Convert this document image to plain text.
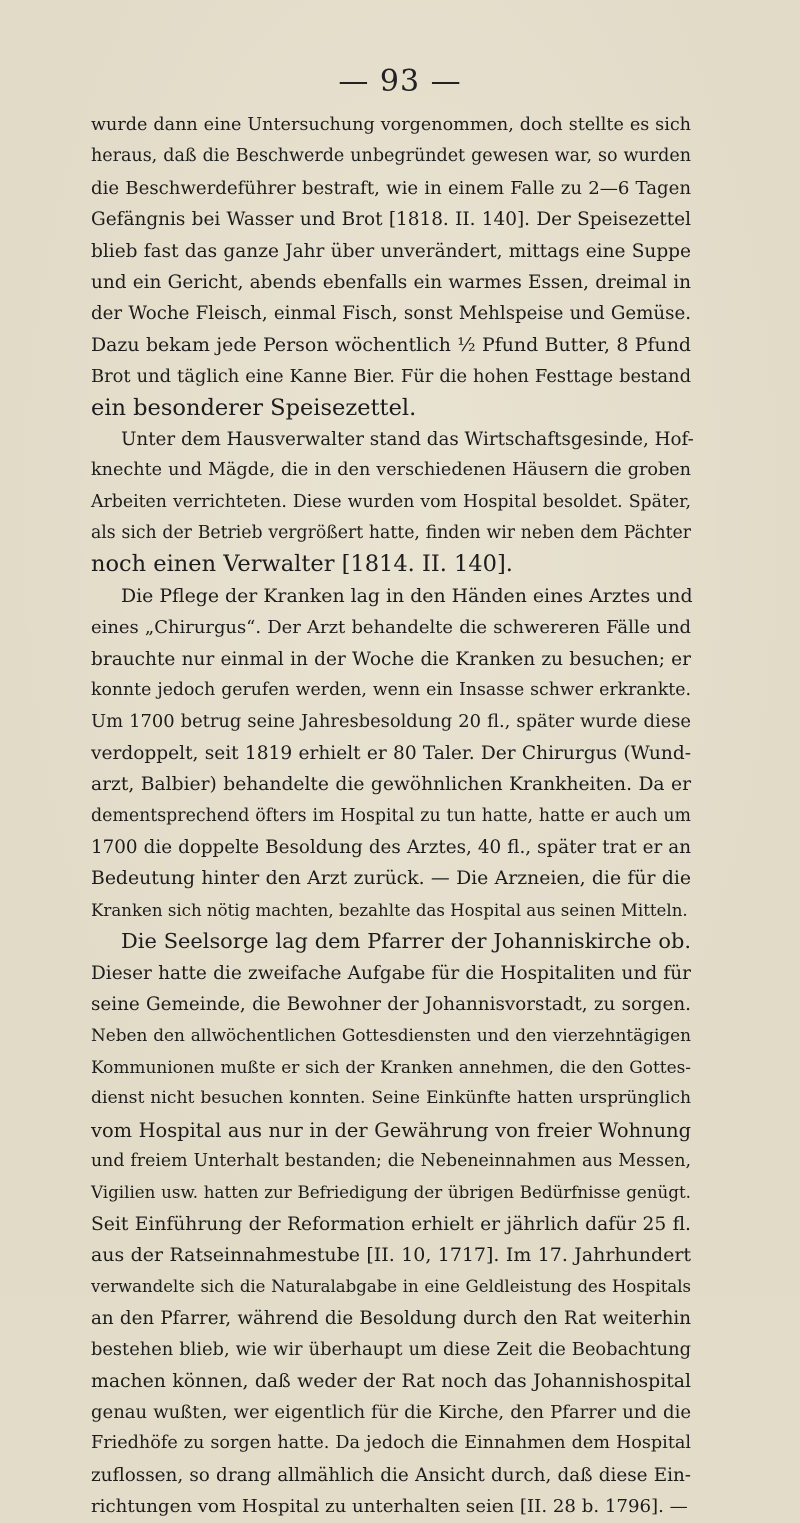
— 93 —
wurde dann eine Untersuchung vorgenommen, doch stellte es sich
heraus, daß die Beschwerde unbegründet gewesen war, so wurden
die Beschwerdeführer bestraft, wie in einem Falle zu 2—6 Tagen
Gefängnis bei Wasser und Brot [1818. II. 140]. Der Speisezettel
blieb fast das ganze Jahr über unverändert, mittags eine Suppe
und ein Gericht, abends ebenfalls ein warmes Essen, dreimal in
der Woche Fleisch, einmal Fisch, sonst Mehlspeise und Gemüse.
Dazu bekam jede Person wöchentlich ½ Pfund Butter, 8 Pfund
Brot und täglich eine Kanne Bier. Für die hohen Festtage bestand
ein besonderer Speisezettel.
Unter dem Hausverwalter stand das Wirtschaftsgesinde, Hof-
knechte und Mägde, die in den verschiedenen Häusern die groben
Arbeiten verrichteten. Diese wurden vom Hospital besoldet. Später,
als sich der Betrieb vergrößert hatte, finden wir neben dem Pächter
noch einen Verwalter [1814. II. 140].
Die Pflege der Kranken lag in den Händen eines Arztes und
eines „Chirurgus“. Der Arzt behandelte die schwereren Fälle und
brauchte nur einmal in der Woche die Kranken zu besuchen; er
konnte jedoch gerufen werden, wenn ein Insasse schwer erkrankte.
Um 1700 betrug seine Jahresbesoldung 20 fl., später wurde diese
verdoppelt, seit 1819 erhielt er 80 Taler. Der Chirurgus (Wund-
arzt, Balbier) behandelte die gewöhnlichen Krankheiten. Da er
dementsprechend öfters im Hospital zu tun hatte, hatte er auch um
1700 die doppelte Besoldung des Arztes, 40 fl., später trat er an
Bedeutung hinter den Arzt zurück. — Die Arzneien, die für die
Kranken sich nötig machten, bezahlte das Hospital aus seinen Mitteln.
Die Seelsorge lag dem Pfarrer der Johanniskirche ob.
Dieser hatte die zweifache Aufgabe für die Hospitaliten und für
seine Gemeinde, die Bewohner der Johannisvorstadt, zu sorgen.
Neben den allwöchentlichen Gottesdiensten und den vierzehntägigen
Kommunionen mußte er sich der Kranken annehmen, die den Gottes-
dienst nicht besuchen konnten. Seine Einkünfte hatten ursprünglich
vom Hospital aus nur in der Gewährung von freier Wohnung
und freiem Unterhalt bestanden; die Nebeneinnahmen aus Messen,
Vigilien usw. hatten zur Befriedigung der übrigen Bedürfnisse genügt.
Seit Einführung der Reformation erhielt er jährlich dafür 25 fl.
aus der Ratseinnahmestube [II. 10, 1717]. Im 17. Jahrhundert
verwandelte sich die Naturalabgabe in eine Geldleistung des Hospitals
an den Pfarrer, während die Besoldung durch den Rat weiterhin
bestehen blieb, wie wir überhaupt um diese Zeit die Beobachtung
machen können, daß weder der Rat noch das Johannishospital
genau wußten, wer eigentlich für die Kirche, den Pfarrer und die
Friedhöfe zu sorgen hatte. Da jedoch die Einnahmen dem Hospital
zuflossen, so drang allmählich die Ansicht durch, daß diese Ein-
richtungen vom Hospital zu unterhalten seien [II. 28 b. 1796]. —
